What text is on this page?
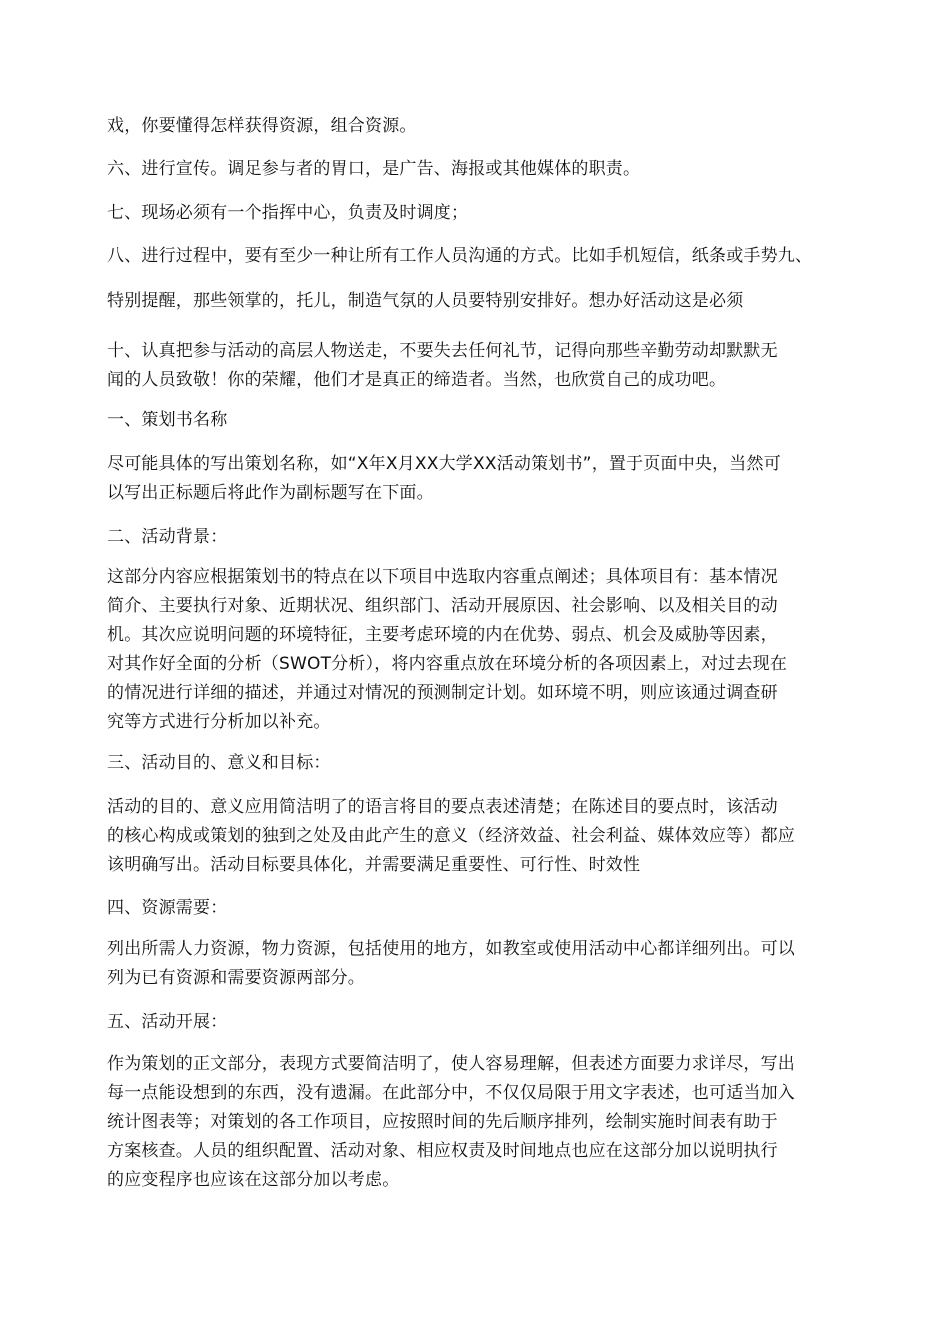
戏，你要懂得怎样获得资源，组合资源。
六、进行宣传。调足参与者的胃口，是广告、海报或其他媒体的职责。
七、现场必须有一个指挥中心，负责及时调度；
八、进行过程中，要有至少一种让所有工作人员沟通的方式。比如手机短信，纸条或手势九、
特别提醒，那些领掌的，托儿，制造气氛的人员要特别安排好。想办好活动这是必须
十、认真把参与活动的高层人物送走，不要失去任何礼节，记得向那些辛勤劳动却默默无
闻的人员致敬！你的荣耀，他们才是真正的缔造者。当然，也欣赏自己的成功吧。
一、策划书名称
尽可能具体的写出策划名称，如“X年X月XX大学XX活动策划书”，置于页面中央，当然可
以写出正标题后将此作为副标题写在下面。
二、活动背景：
这部分内容应根据策划书的特点在以下项目中选取内容重点阐述；具体项目有：基本情况
简介、主要执行对象、近期状况、组织部门、活动开展原因、社会影响、以及相关目的动
机。其次应说明问题的环境特征，主要考虑环境的内在优势、弱点、机会及威胁等因素，
对其作好全面的分析（SWOT分析），将内容重点放在环境分析的各项因素上，对过去现在
的情况进行详细的描述，并通过对情况的预测制定计划。如环境不明，则应该通过调查研
究等方式进行分析加以补充。
三、活动目的、意义和目标：
活动的目的、意义应用简洁明了的语言将目的要点表述清楚；在陈述目的要点时，该活动
的核心构成或策划的独到之处及由此产生的意义（经济效益、社会利益、媒体效应等）都应
该明确写出。活动目标要具体化，并需要满足重要性、可行性、时效性
四、资源需要：
列出所需人力资源，物力资源，包括使用的地方，如教室或使用活动中心都详细列出。可以
列为已有资源和需要资源两部分。
五、活动开展：
作为策划的正文部分，表现方式要简洁明了，使人容易理解，但表述方面要力求详尽，写出
每一点能设想到的东西，没有遗漏。在此部分中，不仅仅局限于用文字表述，也可适当加入
统计图表等；对策划的各工作项目，应按照时间的先后顺序排列，绘制实施时间表有助于
方案核查。人员的组织配置、活动对象、相应权责及时间地点也应在这部分加以说明执行
的应变程序也应该在这部分加以考虑。
